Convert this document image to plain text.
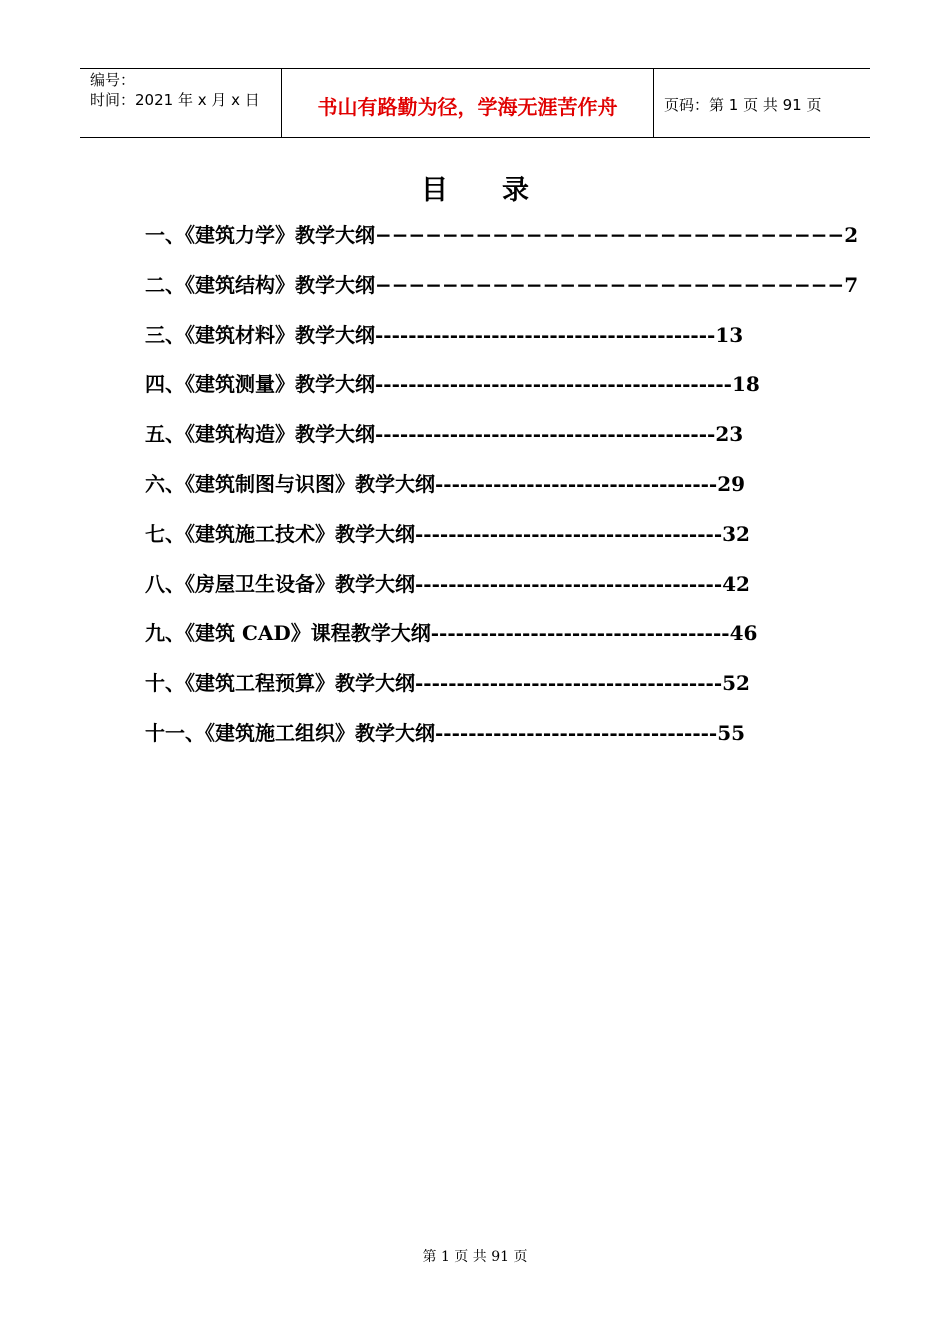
编号：
时间：2021 年 x 月 x 日	书山有路勤为径，学海无涯苦作舟	页码：第 1 页 共 91 页
目录
一、《建筑力学》教学大纲−−−−−−−−−−−−−−−−−−−−−−−−−−−−2
二、《建筑结构》教学大纲−−−−−−−−−−−−−−−−−−−−−−−−−−−−7
三、《建筑材料》教学大纲-----------------------------------------13
四、《建筑测量》教学大纲-------------------------------------------18
五、《建筑构造》教学大纲-----------------------------------------23
六、《建筑制图与识图》教学大纲----------------------------------29
七、《建筑施工技术》教学大纲-------------------------------------32
八、《房屋卫生设备》教学大纲-------------------------------------42
九、《建筑 CAD》课程教学大纲------------------------------------46
十、《建筑工程预算》教学大纲-------------------------------------52
十一、《建筑施工组织》教学大纲----------------------------------55
第 1 页 共 91 页
